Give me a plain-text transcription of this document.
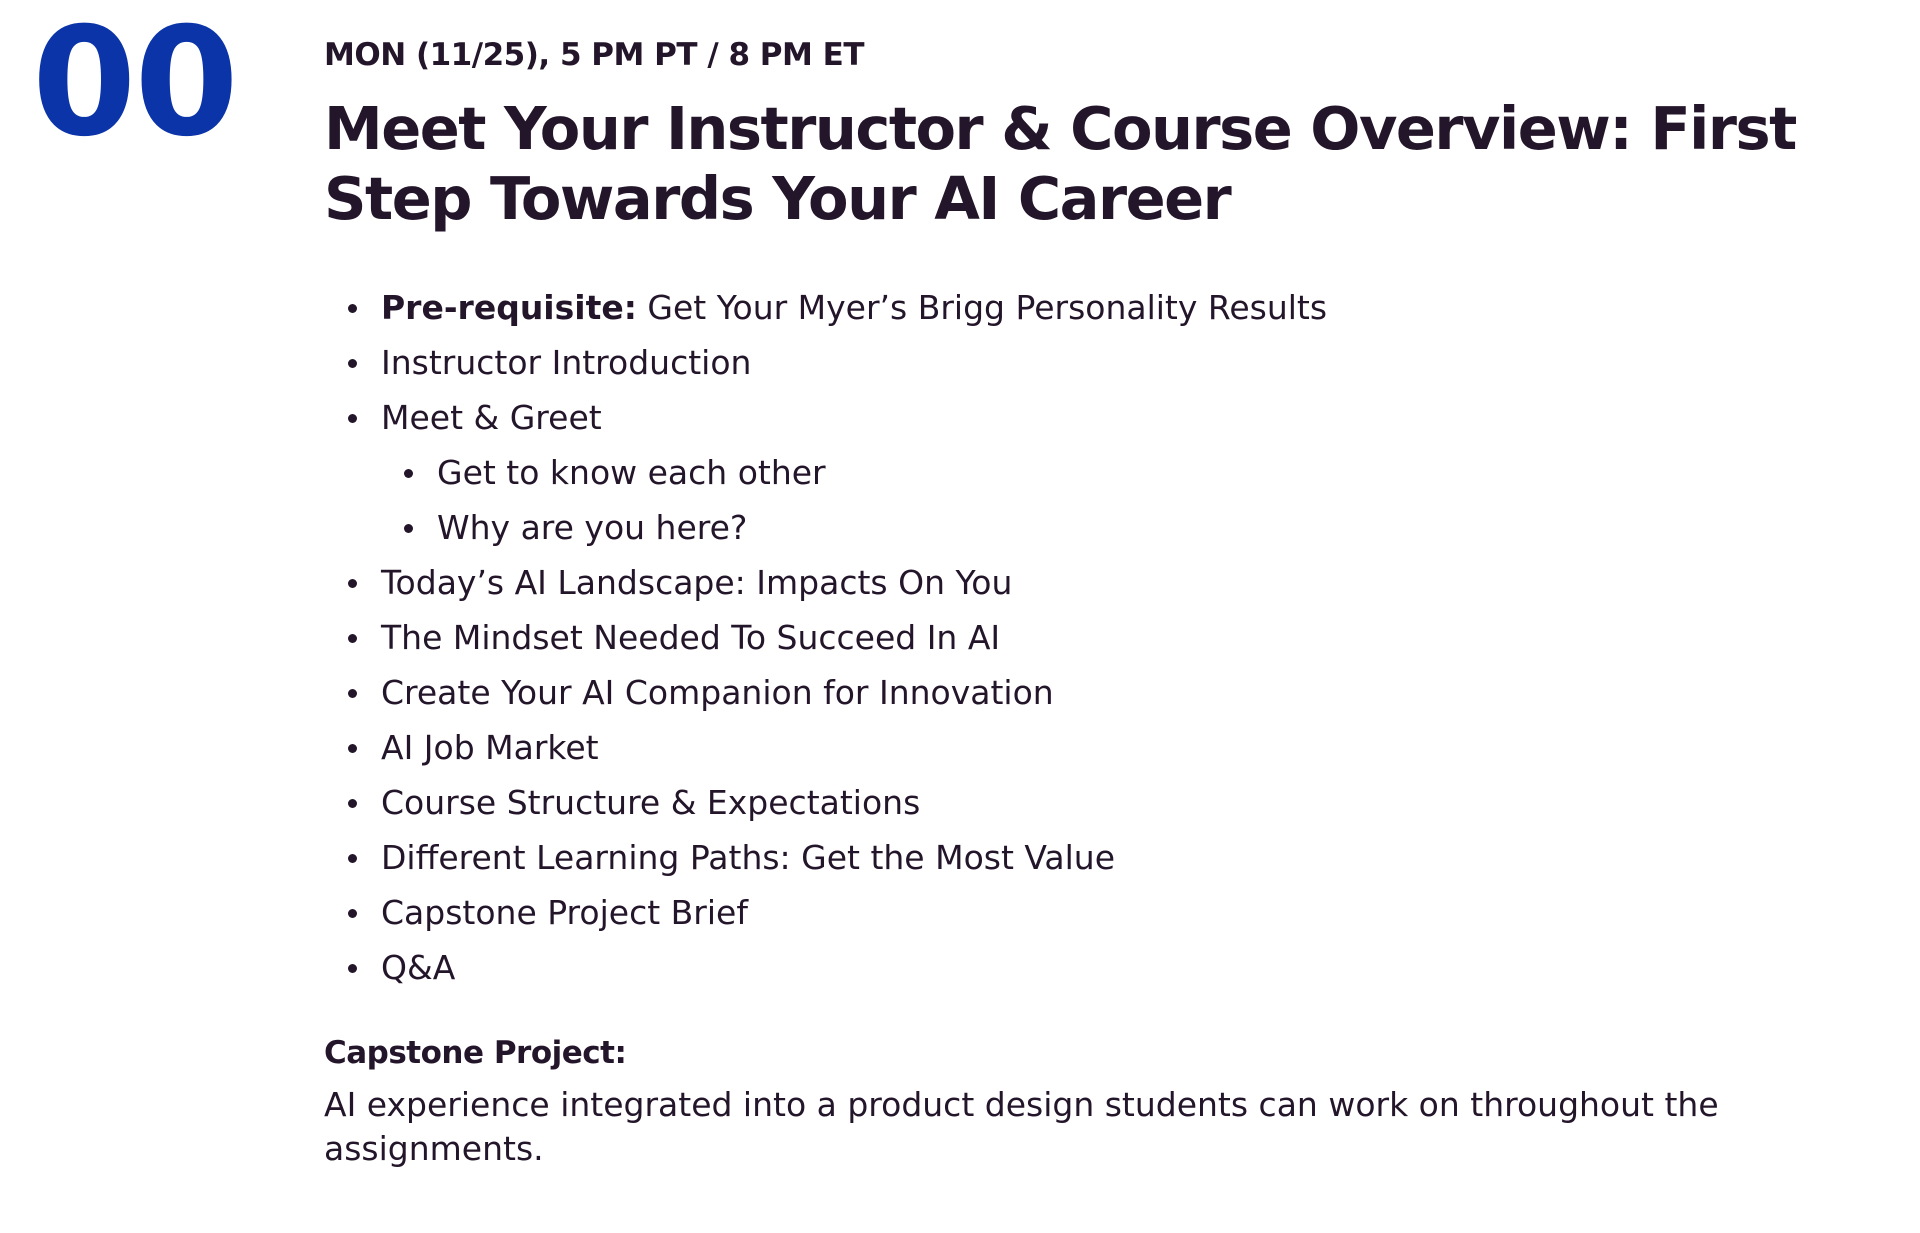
00	MON (11/25), 5 PM PT / 8 PM ET
Meet Your Instructor & Course Overview: First Step Towards Your AI Career
Pre-requisite: Get Your Myer’s Brigg Personality Results
Instructor Introduction
Meet & Greet
Get to know each other
Why are you here?
Today’s AI Landscape: Impacts On You
The Mindset Needed To Succeed In AI
Create Your AI Companion for Innovation
AI Job Market
Course Structure & Expectations
Different Learning Paths: Get the Most Value
Capstone Project Brief
Q&A
Capstone Project:

AI experience integrated into a product design students can work on throughout the assignments.
